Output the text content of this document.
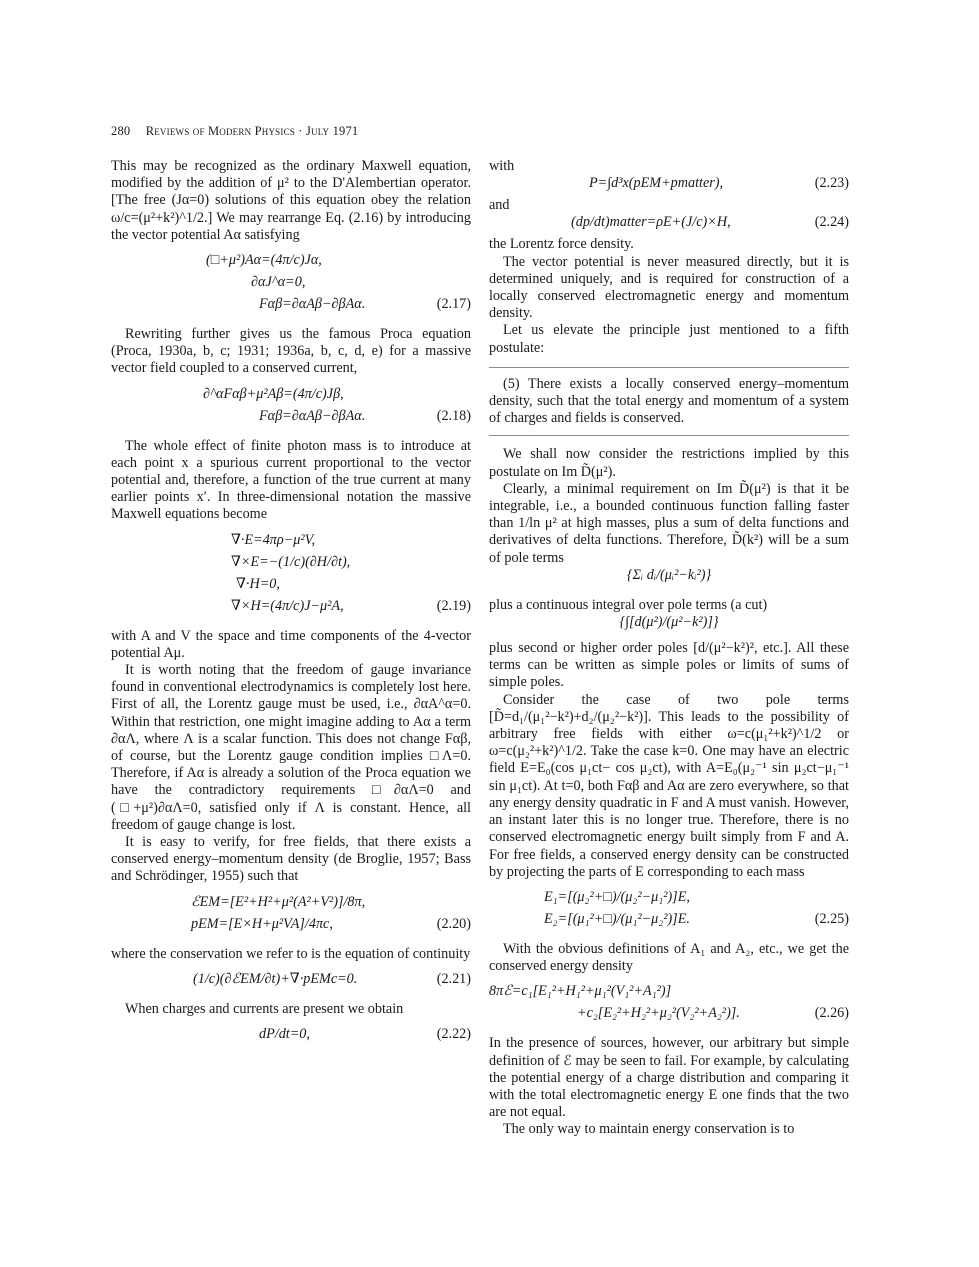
280 Reviews of Modern Physics · July 1971

This may be recognized as the ordinary Maxwell equation, modified by the addition of μ² to the D'Alembertian operator. [The free (Jα=0) solutions of this equation obey the relation ω/c=(μ²+k²)^1/2.] We may rearrange Eq. (2.16) by introducing the vector potential Aα satisfying

(□+μ²)Aα=(4π/c)Jα,
∂αJ^α=0,
Fαβ=∂αAβ−∂βAα.	(2.17)

Rewriting further gives us the famous Proca equation (Proca, 1930a, b, c; 1931; 1936a, b, c, d, e) for a massive vector field coupled to a conserved current,

∂^αFαβ+μ²Aβ=(4π/c)Jβ,
Fαβ=∂αAβ−∂βAα.	(2.18)

The whole effect of finite photon mass is to introduce at each point x a spurious current proportional to the vector potential and, therefore, a function of the true current at many earlier points x′. In three-dimensional notation the massive Maxwell equations become

∇·E=4πρ−μ²V,
∇×E=−(1/c)(∂H/∂t),
∇·H=0,
∇×H=(4π/c)J−μ²A,	(2.19)

with A and V the space and time components of the 4-vector potential Aμ.

It is worth noting that the freedom of gauge invariance found in conventional electrodynamics is completely lost here. First of all, the Lorentz gauge must be used, i.e., ∂αA^α=0. Within that restriction, one might imagine adding to Aα a term ∂αΛ, where Λ is a scalar function. This does not change Fαβ, of course, but the Lorentz gauge condition implies □Λ=0. Therefore, if Aα is already a solution of the Proca equation we have the contradictory requirements □∂αΛ=0 and (□+μ²)∂αΛ=0, satisfied only if Λ is constant. Hence, all freedom of gauge change is lost.

It is easy to verify, for free fields, that there exists a conserved energy–momentum density (de Broglie, 1957; Bass and Schrödinger, 1955) such that

ℰEM=[E²+H²+μ²(A²+V²)]/8π,
pEM=[E×H+μ²VA]/4πc,	(2.20)

where the conservation we refer to is the equation of continuity

(1/c)(∂ℰEM/∂t)+∇·pEMc=0.	(2.21)

When charges and currents are present we obtain

dP/dt=0,	(2.22)

with

P=∫d³x(pEM+pmatter),	(2.23)

and

(dp/dt)matter=ρE+(J/c)×H,	(2.24)

the Lorentz force density.

The vector potential is never measured directly, but it is determined uniquely, and is required for construction of a locally conserved electromagnetic energy and momentum density.

Let us elevate the principle just mentioned to a fifth postulate:

(5) There exists a locally conserved energy–momentum density, such that the total energy and momentum of a system of charges and fields is conserved.

We shall now consider the restrictions implied by this postulate on Im D̃(μ²).

Clearly, a minimal requirement on Im D̃(μ²) is that it be integrable, i.e., a bounded continuous function falling faster than 1/ln μ² at high masses, plus a sum of delta functions and derivatives of delta functions. Therefore, D̃(k²) will be a sum of pole terms

{Σᵢ dᵢ/(μᵢ²−kᵢ²)}

plus a continuous integral over pole terms (a cut)

{∫[d(μ²)/(μ²−k²)]}

plus second or higher order poles [d/(μ²−k²)², etc.]. All these terms can be written as simple poles or limits of sums of simple poles.

Consider the case of two pole terms [D̃=d₁/(μ₁²−k²)+d₂/(μ₂²−k²)]. This leads to the possibility of arbitrary free fields with either ω=c(μ₁²+k²)^1/2 or ω=c(μ₂²+k²)^1/2. Take the case k=0. One may have an electric field E=E₀(cos μ₁ct− cos μ₂ct), with A=E₀(μ₂⁻¹ sin μ₂ct−μ₁⁻¹ sin μ₁ct). At t=0, both Fαβ and Aα are zero everywhere, so that any energy density quadratic in F and A must vanish. However, an instant later this is no longer true. Therefore, there is no conserved electromagnetic energy built simply from F and A. For free fields, a conserved energy density can be constructed by projecting the parts of E corresponding to each mass

E₁=[(μ₂²+□)/(μ₂²−μ₁²)]E,
E₂=[(μ₁²+□)/(μ₁²−μ₂²)]E.	(2.25)

With the obvious definitions of A₁ and A₂, etc., we get the conserved energy density

8πℰ=c₁[E₁²+H₁²+μ₁²(V₁²+A₁²)]
+c₂[E₂²+H₂²+μ₂²(V₂²+A₂²)].	(2.26)

In the presence of sources, however, our arbitrary but simple definition of ℰ may be seen to fail. For example, by calculating the potential energy of a charge distribution and comparing it with the total electromagnetic energy E one finds that the two are not equal.

The only way to maintain energy conservation is to
